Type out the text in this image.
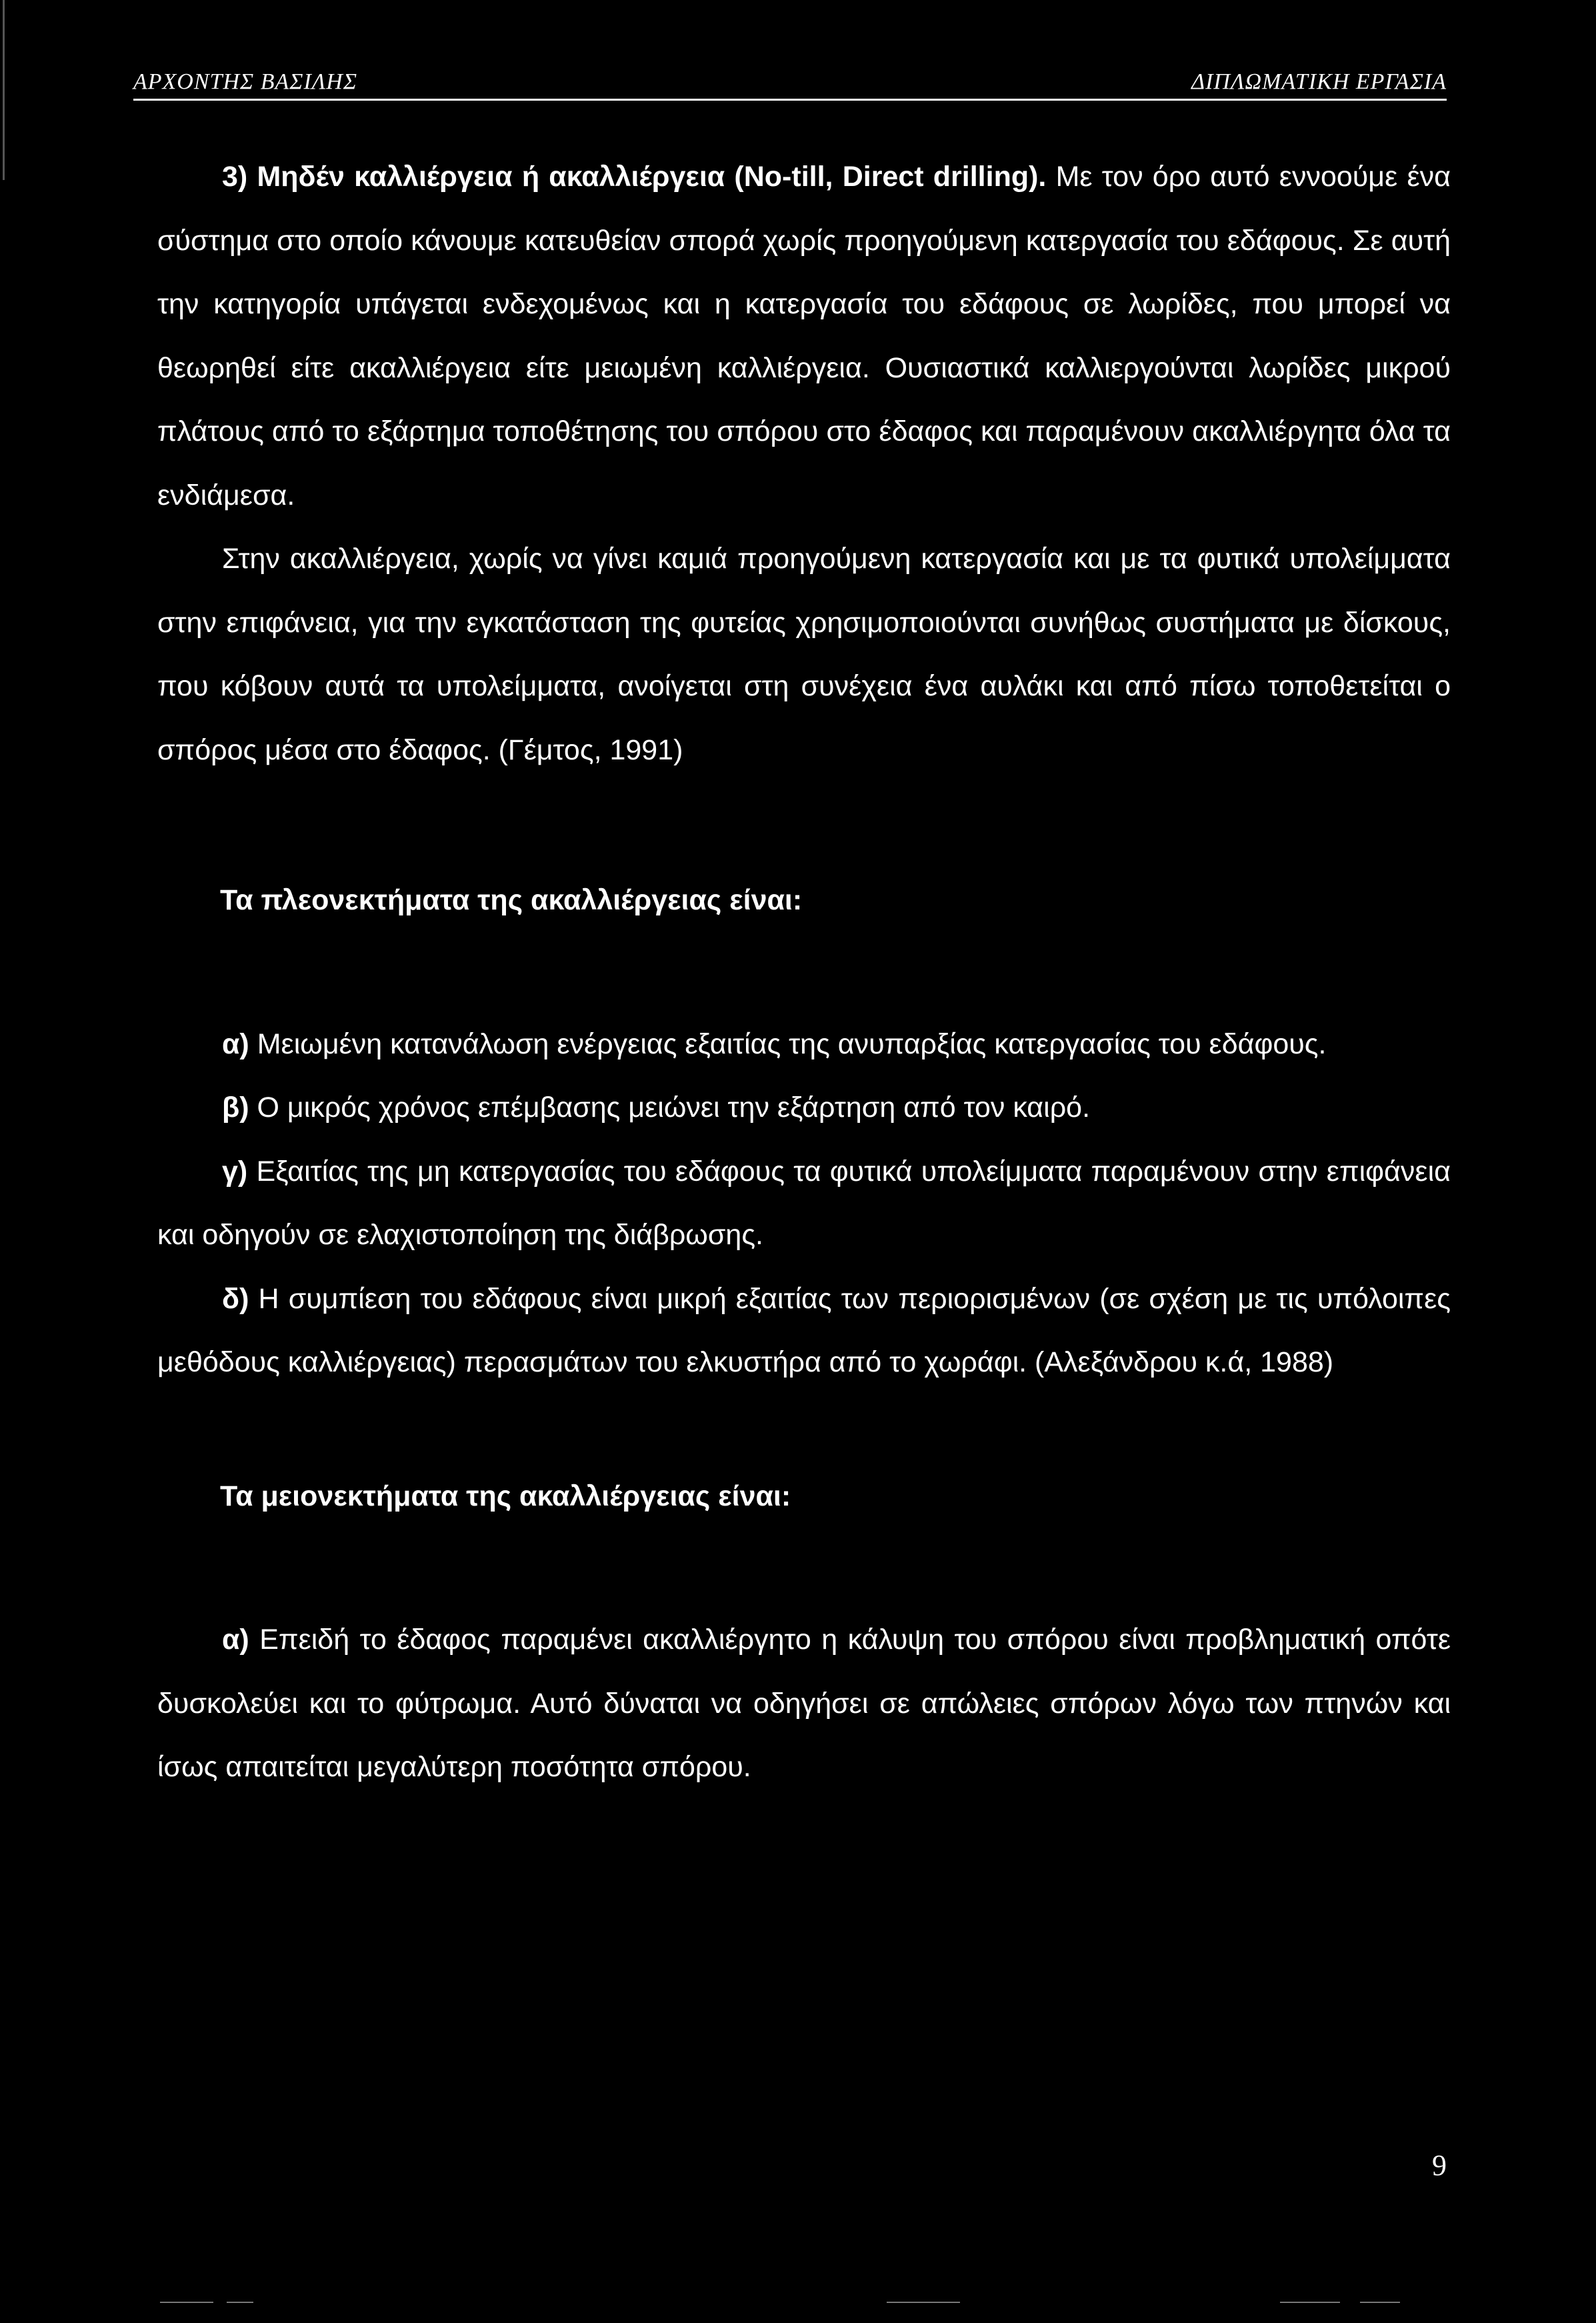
ΑΡΧΟΝΤΗΣ ΒΑΣΙΛΗΣ	ΔΙΠΛΩΜΑΤΙΚΗ ΕΡΓΑΣΙΑ

3) Μηδέν καλλιέργεια ή ακαλλιέργεια (No-till, Direct drilling). Με τον όρο αυτό εννοούμε ένα σύστημα στο οποίο κάνουμε κατευθείαν σπορά χωρίς προηγούμενη κατεργασία του εδάφους. Σε αυτή την κατηγορία υπάγεται ενδεχομένως και η κατεργασία του εδάφους σε λωρίδες, που μπορεί να θεωρηθεί είτε ακαλλιέργεια είτε μειωμένη καλλιέργεια. Ουσιαστικά καλλιεργούνται λωρίδες μικρού πλάτους από το εξάρτημα τοποθέτησης του σπόρου στο έδαφος και παραμένουν ακαλλιέργητα όλα τα ενδιάμεσα.

Στην ακαλλιέργεια, χωρίς να γίνει καμιά προηγούμενη κατεργασία και με τα φυτικά υπολείμματα στην επιφάνεια, για την εγκατάσταση της φυτείας χρησιμοποιούνται συνήθως συστήματα με δίσκους, που κόβουν αυτά τα υπολείμματα, ανοίγεται στη συνέχεια ένα αυλάκι και από πίσω τοποθετείται ο σπόρος μέσα στο έδαφος. (Γέμτος, 1991)

Τα πλεονεκτήματα της ακαλλιέργειας είναι:

α) Μειωμένη κατανάλωση ενέργειας εξαιτίας της ανυπαρξίας κατεργασίας του εδάφους.

β) Ο μικρός χρόνος επέμβασης μειώνει την εξάρτηση από τον καιρό.

γ) Εξαιτίας της μη κατεργασίας του εδάφους τα φυτικά υπολείμματα παραμένουν στην επιφάνεια και οδηγούν σε ελαχιστοποίηση της διάβρωσης.

δ) Η συμπίεση του εδάφους είναι μικρή εξαιτίας των περιορισμένων (σε σχέση με τις υπόλοιπες μεθόδους καλλιέργειας) περασμάτων του ελκυστήρα από το χωράφι. (Αλεξάνδρου κ.ά, 1988)

Τα μειονεκτήματα της ακαλλιέργειας είναι:

α) Επειδή το έδαφος παραμένει ακαλλιέργητο η κάλυψη του σπόρου είναι προβληματική οπότε δυσκολεύει και το φύτρωμα. Αυτό δύναται να οδηγήσει σε απώλειες σπόρων λόγω των πτηνών και ίσως απαιτείται μεγαλύτερη ποσότητα σπόρου.

9
